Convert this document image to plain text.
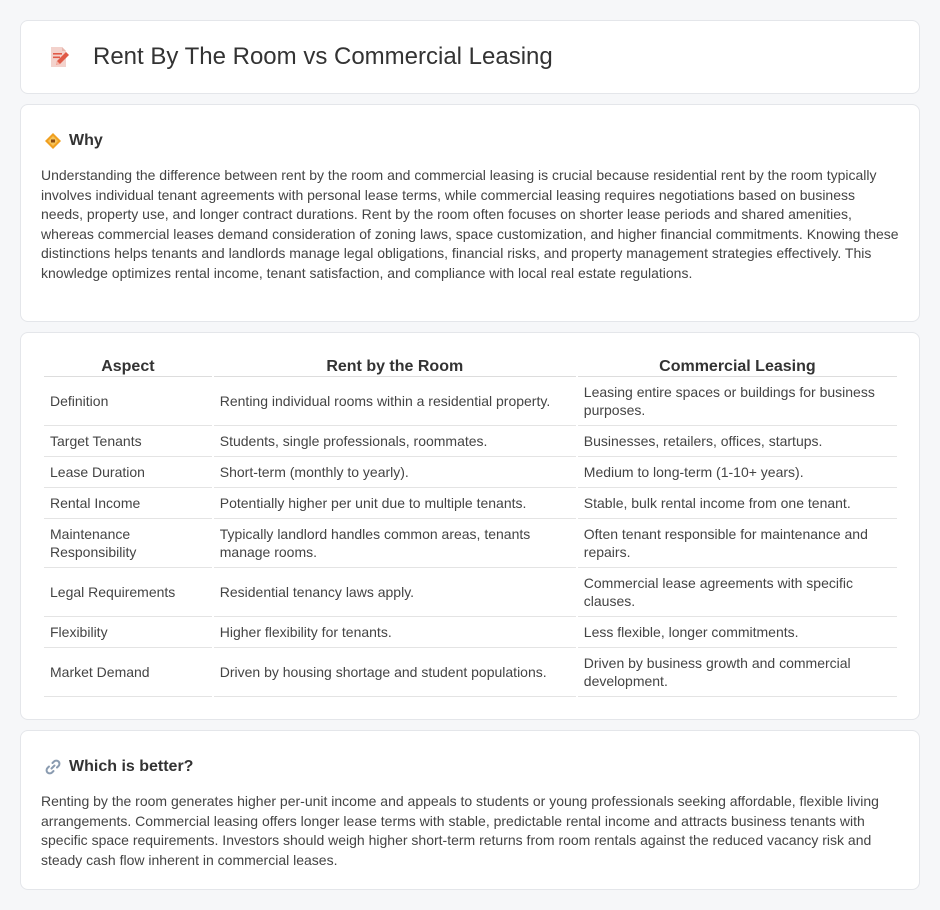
Rent By The Room vs Commercial Leasing
Why

Understanding the difference between rent by the room and commercial leasing is crucial because residential rent by the room typically involves individual tenant agreements with personal lease terms, while commercial leasing requires negotiations based on business needs, property use, and longer contract durations. Rent by the room often focuses on shorter lease periods and shared amenities, whereas commercial leases demand consideration of zoning laws, space customization, and higher financial commitments. Knowing these distinctions helps tenants and landlords manage legal obligations, financial risks, and property management strategies effectively. This knowledge optimizes rental income, tenant satisfaction, and compliance with local real estate regulations.

Aspect	Rent by the Room	Commercial Leasing
Definition	Renting individual rooms within a residential property.	Leasing entire spaces or buildings for business purposes.
Target Tenants	Students, single professionals, roommates.	Businesses, retailers, offices, startups.
Lease Duration	Short-term (monthly to yearly).	Medium to long-term (1-10+ years).
Rental Income	Potentially higher per unit due to multiple tenants.	Stable, bulk rental income from one tenant.
Maintenance Responsibility	Typically landlord handles common areas, tenants manage rooms.	Often tenant responsible for maintenance and repairs.
Legal Requirements	Residential tenancy laws apply.	Commercial lease agreements with specific clauses.
Flexibility	Higher flexibility for tenants.	Less flexible, longer commitments.
Market Demand	Driven by housing shortage and student populations.	Driven by business growth and commercial development.
Which is better?

Renting by the room generates higher per-unit income and appeals to students or young professionals seeking affordable, flexible living arrangements. Commercial leasing offers longer lease terms with stable, predictable rental income and attracts business tenants with specific space requirements. Investors should weigh higher short-term returns from room rentals against the reduced vacancy risk and steady cash flow inherent in commercial leases.
